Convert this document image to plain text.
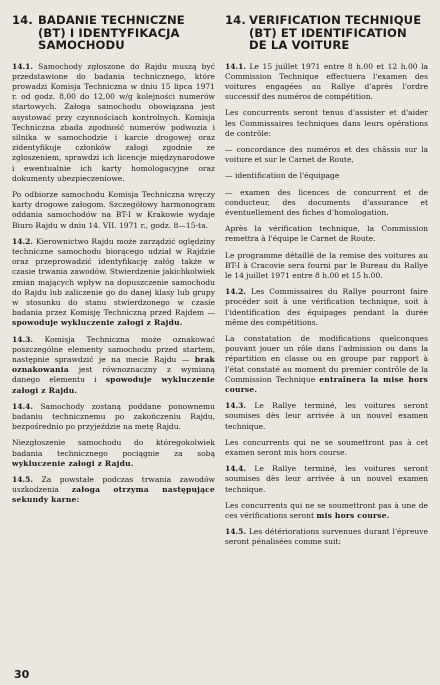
14. BADANIE TECHNICZNE
(BT) I IDENTYFIKACJA
SAMOCHODU

14.1. Samochody zgłoszone do Rajdu muszą być przedstawione do badania technicznego, które prowadzi Komisja Techniczna w dniu 15 lipca 1971 r. od godz. 8,00 do 12,00 w/g kolejności numerów startowych. Załoga samochodu obowiązana jest asystować przy czynnościach kontrolnych. Komisja Techniczna zbada zgodność numerów podwozia i silnika w samochodzie i karcie drogowej oraz zidentyfikuje członków załogi zgodnie ze zgłoszeniem, sprawdzi ich licencje międzynarodowe i ewentualnie ich karty homologacyjne oraz dokumenty ubezpieczeniowe.

Po odbiorze samochodu Komisja Techniczna wręczy karty drogowe załogom. Szczegółowy harmonogram oddania samochodów na BT-I w Krakowie wydaje Biuro Rajdu w dniu 14. VII. 1971 r., godz. 8—15-ta.

14.2. Kierownictwo Rajdu może zarządzić oględziny techniczne samochodu biorącego udział w Rajdzie oraz przeprowadzić identyfikację załóg także w czasie trwania zawodów. Stwierdzenie jakichkolwiek zmian mających wpływ na dopuszczenie samochodu do Rajdu lub zaliczenie go do danej klasy lub grupy w stosunku do stanu stwierdzonego w czasie badania przez Komisję Techniczną przed Rajdem — spowoduje wykluczenie załogi z Rajdu.

14.3. Komisja Techniczna może oznakować poszczególne elementy samochodu przed startem, następnie sprawdzić je na mecie Rajdu — brak oznakowania jest równoznaczny z wymianą danego elementu i spowoduje wykluczenie załogi z Rajdu.

14.4. Samochody zostaną poddane ponownemu badaniu technicznemu po zakończeniu Rajdu, bezpośrednio po przyjeździe na metę Rajdu.

Niezgłoszenie samochodu do któregokolwiek badania technicznego pociągnie za sobą wykluczenie załogi z Rajdu.

14.5. Za powstałe podczas trwania zawodów uszkodzenia załoga otrzyma następujące sekundy karne:

14. VERIFICATION TECHNIQUE (BT) ET IDENTIFICATION DE LA VOITURE

14.1. Le 15 juillet 1971 entre 8 h.00 et 12 h.00 la Commission Technique effectuera l'examen des voitures engagées au Rallye d'après l'ordre successif des numéros de compétition.

Les concurrents seront tenus d'assister et d'aider les Commissaires techniques dans leurs opérations de contrôle:

— concordance des numéros et des châssis sur la voiture et sur le Carnet de Route,

— identification de l'équipage

— examen des licences de concurrent et de conducteur, des documents d'assurance et éventuellement des fiches d'homologation.

Après la vérification technique, la Commission remettra à l'équipe le Carnet de Route.

Le programme détaillé de la remise des voitures au BT-I à Cracovie sera fourni par le Bureau du Rallye le 14 juillet 1971 entre 8 h.00 et 15 h.00.

14.2. Les Commissaires du Rallye pourront faire procéder soit à une vérification technique, soit à l'identification des équipages pendant la durée même des compétitions.

La constatation de modifications quelconques pouvant jouer un rôle dans l'admission ou dans la répartition en classe ou en groupe par rapport à l'état constaté au moment du premier contrôle de la Commission Technique entraînera la mise hors course.

14.3. Le Rallye terminé, les voitures seront soumises dès leur arrivée à un nouvel examen technique.

Les concurrents qui ne se soumettront pas à cet examen seront mis hors course.

14.4. Le Rallye terminé, les voitures seront soumises dès leur arrivée à un nouvel examen technique.

Les concurrents qui ne se soumettront pas à une de ces vérifications seront mis hors course.

14.5. Les détériorations survenues durant l'épreuve seront pénalisées comme suit:

30
